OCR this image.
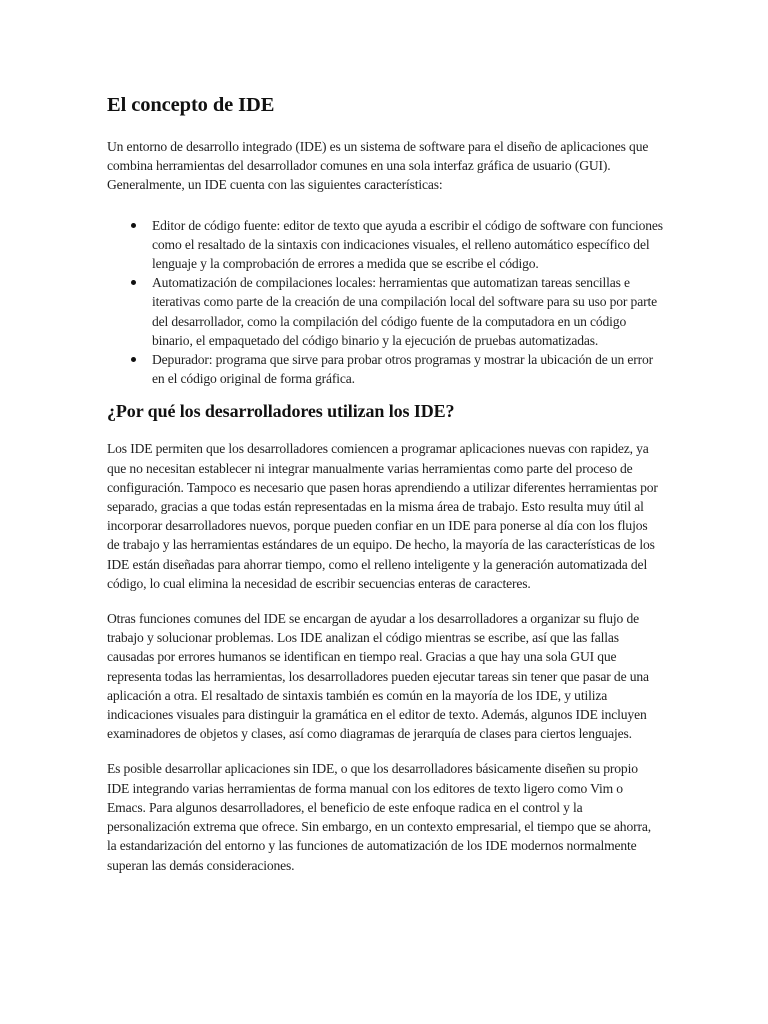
El concepto de IDE

Un entorno de desarrollo integrado (IDE) es un sistema de software para el diseño de aplicaciones que combina herramientas del desarrollador comunes en una sola interfaz gráfica de usuario (GUI). Generalmente, un IDE cuenta con las siguientes características:

Editor de código fuente: editor de texto que ayuda a escribir el código de software con funciones como el resaltado de la sintaxis con indicaciones visuales, el relleno automático específico del lenguaje y la comprobación de errores a medida que se escribe el código.
Automatización de compilaciones locales: herramientas que automatizan tareas sencillas e iterativas como parte de la creación de una compilación local del software para su uso por parte del desarrollador, como la compilación del código fuente de la computadora en un código binario, el empaquetado del código binario y la ejecución de pruebas automatizadas.
Depurador: programa que sirve para probar otros programas y mostrar la ubicación de un error en el código original de forma gráfica.
¿Por qué los desarrolladores utilizan los IDE?

Los IDE permiten que los desarrolladores comiencen a programar aplicaciones nuevas con rapidez, ya que no necesitan establecer ni integrar manualmente varias herramientas como parte del proceso de configuración. Tampoco es necesario que pasen horas aprendiendo a utilizar diferentes herramientas por separado, gracias a que todas están representadas en la misma área de trabajo. Esto resulta muy útil al incorporar desarrolladores nuevos, porque pueden confiar en un IDE para ponerse al día con los flujos de trabajo y las herramientas estándares de un equipo. De hecho, la mayoría de las características de los IDE están diseñadas para ahorrar tiempo, como el relleno inteligente y la generación automatizada del código, lo cual elimina la necesidad de escribir secuencias enteras de caracteres.

Otras funciones comunes del IDE se encargan de ayudar a los desarrolladores a organizar su flujo de trabajo y solucionar problemas. Los IDE analizan el código mientras se escribe, así que las fallas causadas por errores humanos se identifican en tiempo real. Gracias a que hay una sola GUI que representa todas las herramientas, los desarrolladores pueden ejecutar tareas sin tener que pasar de una aplicación a otra. El resaltado de sintaxis también es común en la mayoría de los IDE, y utiliza indicaciones visuales para distinguir la gramática en el editor de texto. Además, algunos IDE incluyen examinadores de objetos y clases, así como diagramas de jerarquía de clases para ciertos lenguajes.

Es posible desarrollar aplicaciones sin IDE, o que los desarrolladores básicamente diseñen su propio IDE integrando varias herramientas de forma manual con los editores de texto ligero como Vim o Emacs. Para algunos desarrolladores, el beneficio de este enfoque radica en el control y la personalización extrema que ofrece. Sin embargo, en un contexto empresarial, el tiempo que se ahorra, la estandarización del entorno y las funciones de automatización de los IDE modernos normalmente superan las demás consideraciones.
